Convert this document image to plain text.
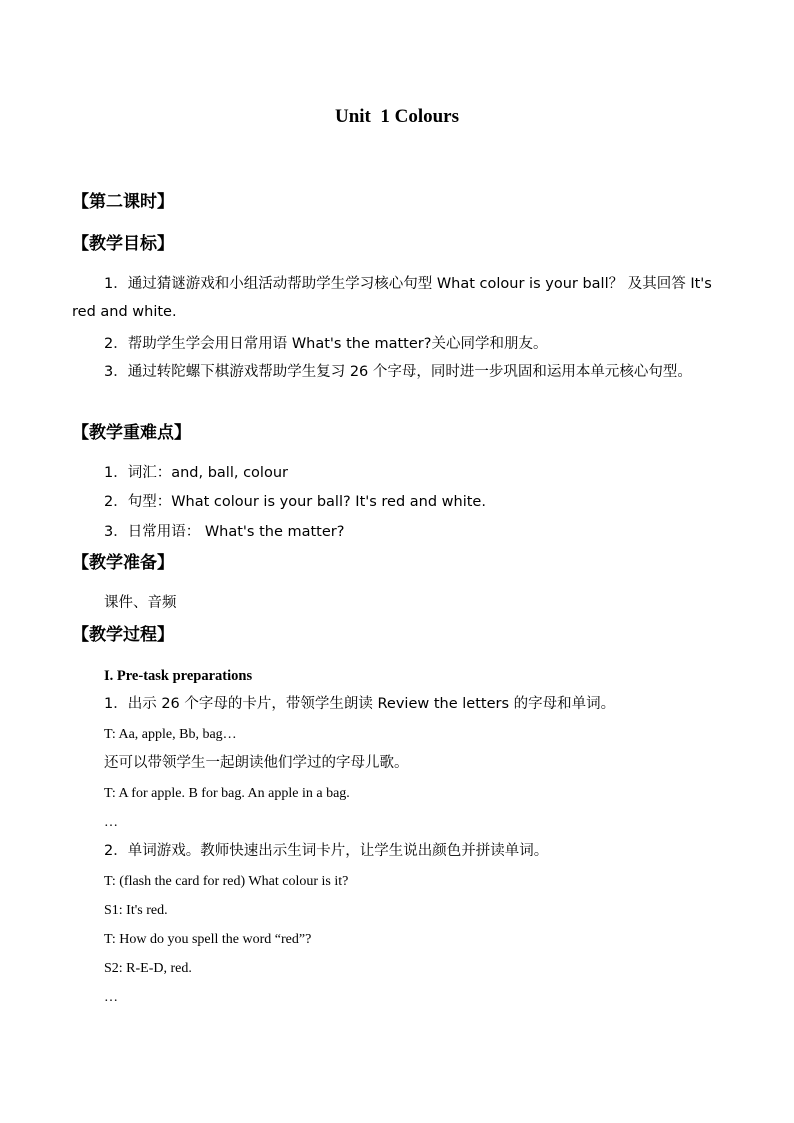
Unit  1 Colours
【第二课时】
【教学目标】

1．通过猜谜游戏和小组活动帮助学生学习核心句型 What colour is your ball？ 及其回答 It's red and white.

2．帮助学生学会用日常用语 What's the matter?关心同学和朋友。

3．通过转陀螺下棋游戏帮助学生复习 26 个字母，同时进一步巩固和运用本单元核心句型。

【教学重难点】
1．词汇：and, ball, colour
2．句型：What colour is your ball? It's red and white.
3．日常用语： What's the matter?
【教学准备】
课件、音频
【教学过程】
I. Pre-task preparations
1．出示 26 个字母的卡片，带领学生朗读 Review the letters 的字母和单词。
T: Aa, apple, Bb, bag…
还可以带领学生一起朗读他们学过的字母儿歌。
T: A for apple. B for bag. An apple in a bag.
…
2．单词游戏。教师快速出示生词卡片，让学生说出颜色并拼读单词。
T: (flash the card for red) What colour is it?
S1: It's red.
T: How do you spell the word “red”?
S2: R-E-D, red.
…
